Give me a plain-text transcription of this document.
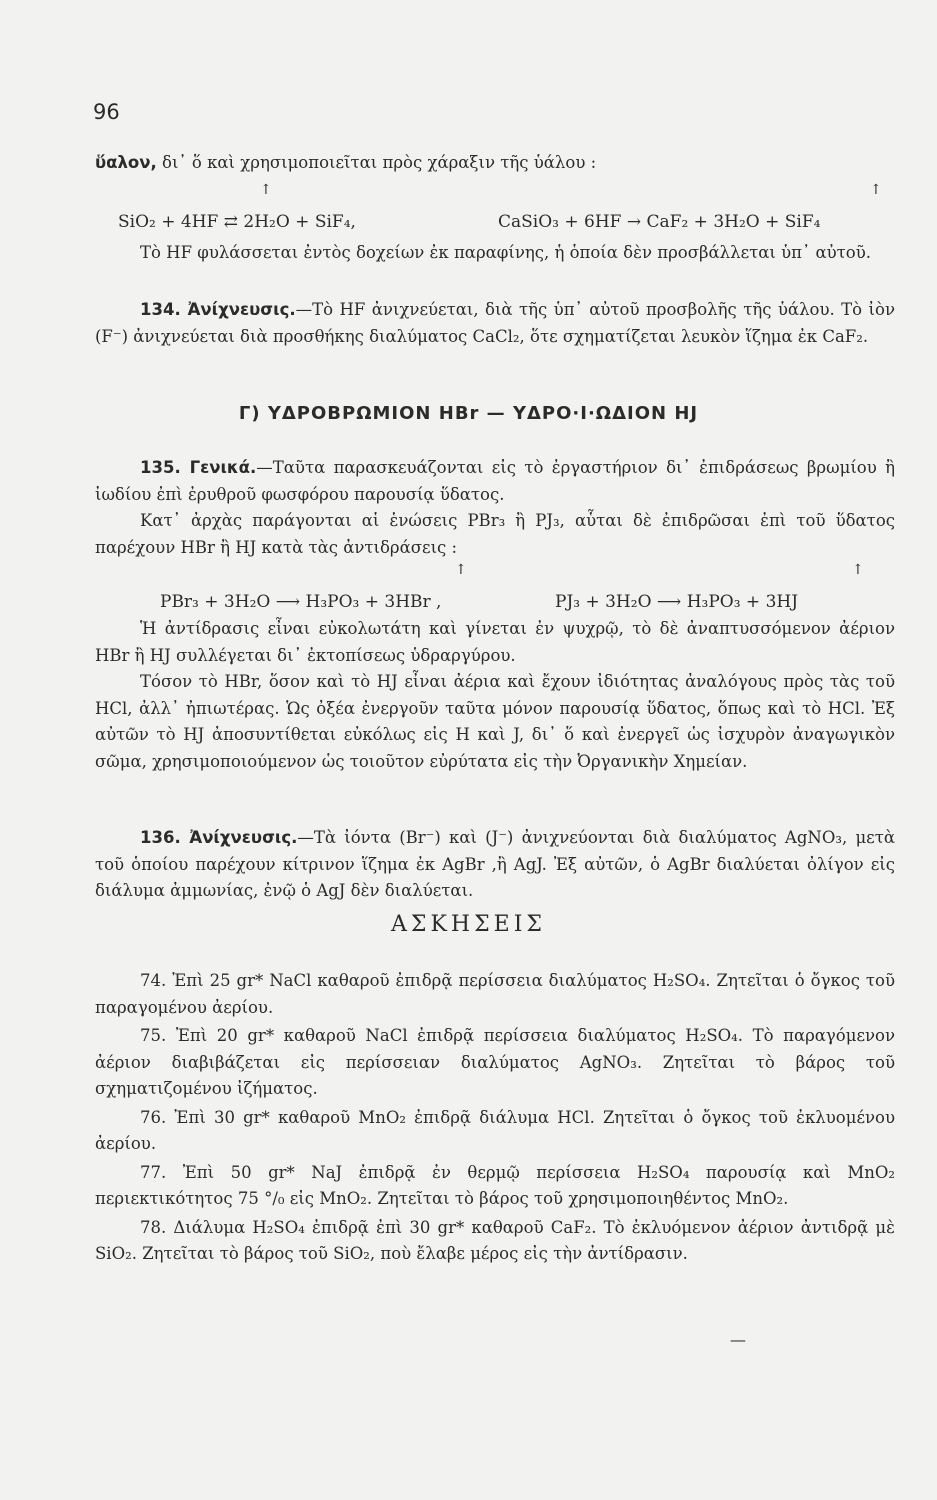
96

ὕαλον, δι᾽ ὅ καὶ χρησιμοποιεῖται πρὸς χάραξιν τῆς ὑάλου :

↑	↑
SiO₂ + 4HF ⇄ 2H₂O + SiF₄,	CaSiO₃ + 6HF → CaF₂ + 3H₂O + SiF₄

Τὸ HF φυλάσσεται ἐντὸς δοχείων ἐκ παραφίνης, ἡ ὁποία δὲν προσβάλλεται ὑπ᾽ αὐτοῦ.

134. Ἀνίχνευσις.—Τὸ HF ἀνιχνεύεται, διὰ τῆς ὑπ᾽ αὐτοῦ προσβολῆς τῆς ὑάλου. Τὸ ἰὸν (F⁻) ἀνιχνεύεται διὰ προσθήκης διαλύματος CaCl₂, ὅτε σχηματίζεται λευκὸν ἵζημα ἐκ CaF₂.

Γ) ΥΔΡΟΒΡΩΜΙΟΝ HBr — ΥΔΡΟ·Ι·ΩΔΙΟΝ HJ

135. Γενικά.—Ταῦτα παρασκευάζονται εἰς τὸ ἐργαστήριον δι᾽ ἐπιδράσεως βρωμίου ἢ ἰωδίου ἐπὶ ἐρυθροῦ φωσφόρου παρουσίᾳ ὕδατος.

Κατ᾽ ἀρχὰς παράγονται αἱ ἑνώσεις PBr₃ ἢ PJ₃, αὗται δὲ ἐπιδρῶσαι ἐπὶ τοῦ ὕδατος παρέχουν HBr ἢ HJ κατὰ τὰς ἀντιδράσεις :

↑	↑
PBr₃ + 3H₂O ⟶ H₃PO₃ + 3HBr ,	PJ₃ + 3H₂O ⟶ H₃PO₃ + 3HJ

Ἡ ἀντίδρασις εἶναι εὐκολωτάτη καὶ γίνεται ἐν ψυχρῷ, τὸ δὲ ἀναπτυσσόμενον ἀέριον HBr ἢ HJ συλλέγεται δι᾽ ἐκτοπίσεως ὑδραργύρου.

Τόσον τὸ HBr, ὅσον καὶ τὸ HJ εἶναι ἀέρια καὶ ἔχουν ἰδιότητας ἀναλόγους πρὸς τὰς τοῦ HCl, ἀλλ᾽ ἠπιωτέρας. Ὡς ὀξέα ἐνεργοῦν ταῦτα μόνον παρουσίᾳ ὕδατος, ὅπως καὶ τὸ HCl. Ἐξ αὐτῶν τὸ HJ ἀποσυντίθεται εὐκόλως εἰς H καὶ J, δι᾽ ὅ καὶ ἐνεργεῖ ὡς ἰσχυρὸν ἀναγωγικὸν σῶμα, χρησιμοποιούμενον ὡς τοιοῦτον εὐρύτατα εἰς τὴν Ὀργανικὴν Χημείαν.

136. Ἀνίχνευσις.—Τὰ ἰόντα (Br⁻) καὶ (J⁻) ἀνιχνεύονται διὰ διαλύματος AgNO₃, μετὰ τοῦ ὁποίου παρέχουν κίτρινον ἵζημα ἐκ AgBr ,ἢ AgJ. Ἐξ αὐτῶν, ὁ AgBr διαλύεται ὀλίγον εἰς διάλυμα ἀμμωνίας, ἐνῷ ὁ AgJ δὲν διαλύεται.

ΑΣΚΗΣΕΙΣ

74. Ἐπὶ 25 gr* NaCl καθαροῦ ἐπιδρᾷ περίσσεια διαλύματος H₂SO₄. Ζητεῖται ὁ ὄγκος τοῦ παραγομένου ἀερίου.

75. Ἐπὶ 20 gr* καθαροῦ NaCl ἐπιδρᾷ περίσσεια διαλύματος H₂SO₄. Τὸ παραγόμενον ἀέριον διαβιβάζεται εἰς περίσσειαν διαλύματος AgNO₃. Ζητεῖται τὸ βάρος τοῦ σχηματιζομένου ἰζήματος.

76. Ἐπὶ 30 gr* καθαροῦ MnO₂ ἐπιδρᾷ διάλυμα HCl. Ζητεῖται ὁ ὄγκος τοῦ ἐκλυομένου ἀερίου.

77. Ἐπὶ 50 gr* NaJ ἐπιδρᾷ ἐν θερμῷ περίσσεια H₂SO₄ παρουσίᾳ καὶ MnO₂ περιεκτικότητος 75 °/₀ εἰς MnO₂. Ζητεῖται τὸ βάρος τοῦ χρησιμοποιηθέντος MnO₂.

78. Διάλυμα H₂SO₄ ἐπιδρᾷ ἐπὶ 30 gr* καθαροῦ CaF₂. Τὸ ἐκλυόμενον ἀέριον ἀντιδρᾷ μὲ SiO₂. Ζητεῖται τὸ βάρος τοῦ SiO₂, ποὺ ἔλαβε μέρος εἰς τὴν ἀντίδρασιν.

—
